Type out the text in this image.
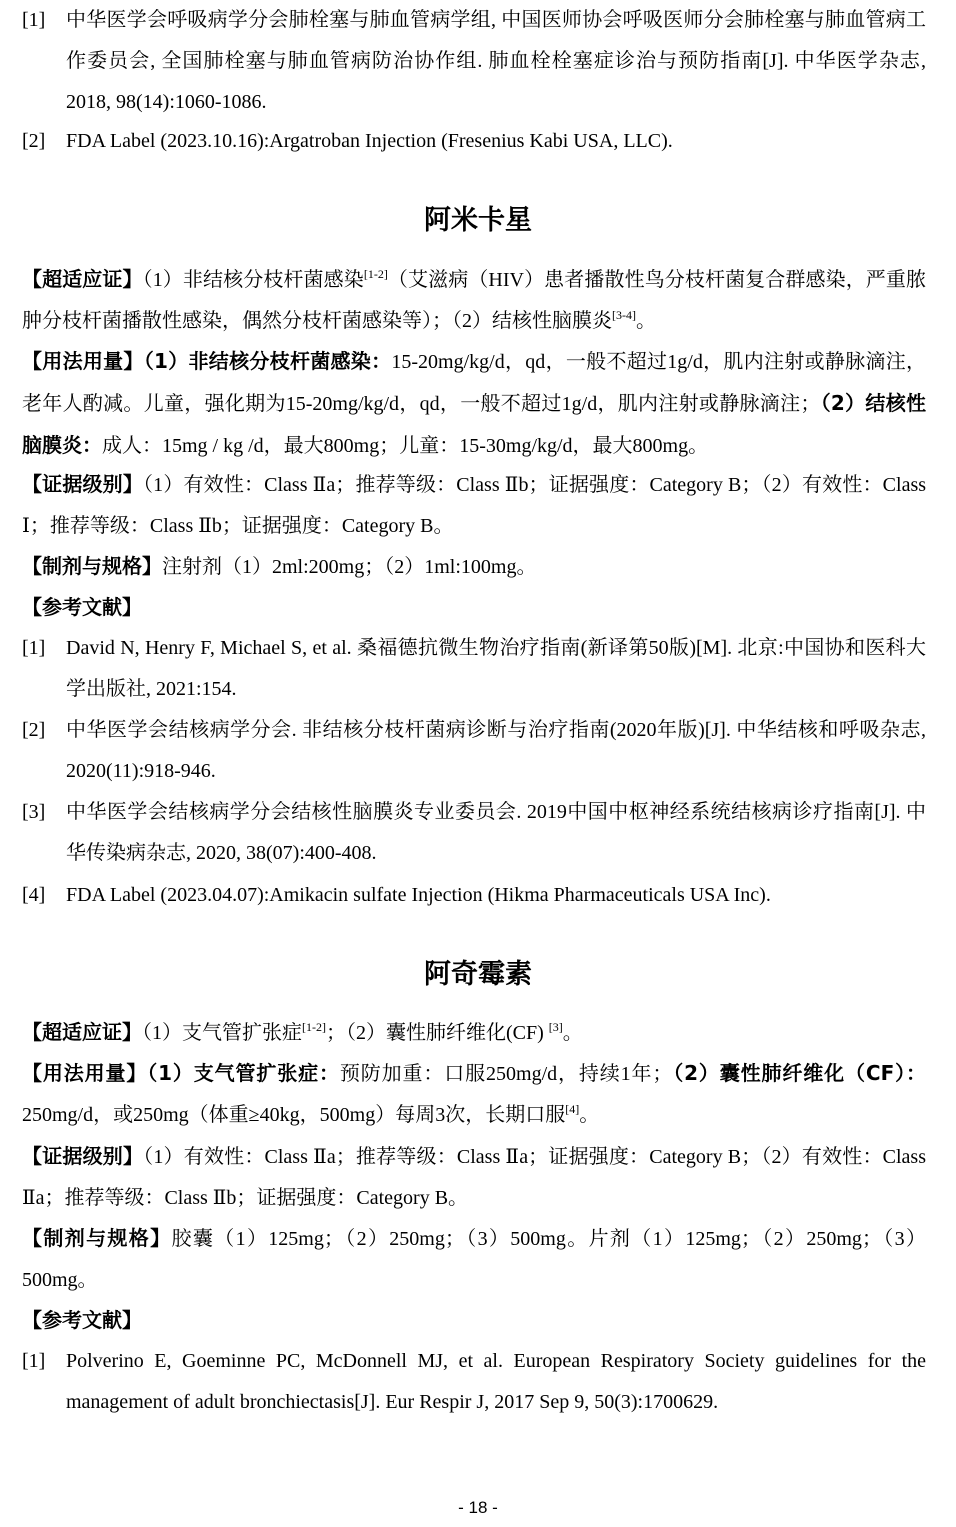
[1] 中华医学会呼吸病学分会肺栓塞与肺血管病学组, 中国医师协会呼吸医师分会肺栓塞与肺血管病工作委员会, 全国肺栓塞与肺血管病防治协作组. 肺血栓栓塞症诊治与预防指南[J]. 中华医学杂志, 2018, 98(14):1060-1086.
[2] FDA Label (2023.10.16):Argatroban Injection (Fresenius Kabi USA, LLC).
阿米卡星
【超适应证】（1）非结核分枝杆菌感染[1-2]（艾滋病（HIV）患者播散性鸟分枝杆菌复合群感染，严重脓肿分枝杆菌播散性感染，偶然分枝杆菌感染等）；（2）结核性脑膜炎[3-4]。
【用法用量】（1）非结核分枝杆菌感染：15-20mg/kg/d，qd，一般不超过1g/d，肌内注射或静脉滴注，老年人酌减。儿童，强化期为15-20mg/kg/d，qd，一般不超过1g/d，肌内注射或静脉滴注；（2）结核性脑膜炎：成人：15mg / kg /d，最大800mg；儿童：15-30mg/kg/d，最大800mg。
【证据级别】（1）有效性：Class Ⅱa；推荐等级：Class Ⅱb；证据强度：Category B；（2）有效性：Class Ⅰ；推荐等级：Class Ⅱb；证据强度：Category B。
【制剂与规格】注射剂（1）2ml:200mg；（2）1ml:100mg。
【参考文献】
[1] David N, Henry F, Michael S, et al. 桑福德抗微生物治疗指南(新译第50版)[M]. 北京:中国协和医科大学出版社, 2021:154.
[2] 中华医学会结核病学分会. 非结核分枝杆菌病诊断与治疗指南(2020年版)[J]. 中华结核和呼吸杂志, 2020(11):918-946.
[3] 中华医学会结核病学分会结核性脑膜炎专业委员会. 2019中国中枢神经系统结核病诊疗指南[J]. 中华传染病杂志, 2020, 38(07):400-408.
[4] FDA Label (2023.04.07):Amikacin sulfate Injection (Hikma Pharmaceuticals USA Inc).
阿奇霉素
【超适应证】（1）支气管扩张症[1-2]；（2）囊性肺纤维化(CF) [3]。
【用法用量】（1）支气管扩张症：预防加重：口服250mg/d，持续1年；（2）囊性肺纤维化（CF）：250mg/d，或250mg（体重≥40kg，500mg）每周3次，长期口服[4]。
【证据级别】（1）有效性：Class Ⅱa；推荐等级：Class Ⅱa；证据强度：Category B；（2）有效性：Class Ⅱa；推荐等级：Class Ⅱb；证据强度：Category B。
【制剂与规格】胶囊（1）125mg；（2）250mg；（3）500mg。片剂（1）125mg；（2）250mg；（3）500mg。
【参考文献】
[1] Polverino E, Goeminne PC, McDonnell MJ, et al. European Respiratory Society guidelines for the management of adult bronchiectasis[J]. Eur Respir J, 2017 Sep 9, 50(3):1700629.
- 18 -
